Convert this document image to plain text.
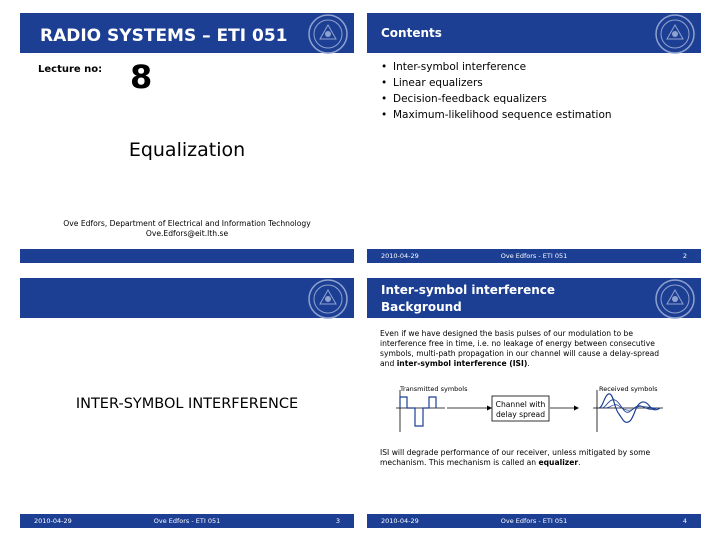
RADIO SYSTEMS – ETI 051
Lecture no: 8
Equalization
Ove Edfors, Department of Electrical and Information Technology
Ove.Edfors@eit.lth.se
Contents
• Inter-symbol interference
• Linear equalizers
• Decision-feedback equalizers
• Maximum-likelihood sequence estimation
Ove Edfors - ETI 051
2010-04-29	2
INTER-SYMBOL INTERFERENCE
Ove Edfors - ETI 051
2010-04-29	3
Inter-symbol interference
Background
Even if we have designed the basis pulses of our modulation to be
interference free in time, i.e. no leakage of energy between consecutive
symbols, multi-path propagation in our channel will cause a delay-spread
and inter-symbol interference (ISI).
Transmitted symbols	Received symbols
Channel with
delay spread
ISI will degrade performance of our receiver, unless mitigated by some
mechanism. This mechanism is called an equalizer.
Ove Edfors - ETI 051
2010-04-29	4
